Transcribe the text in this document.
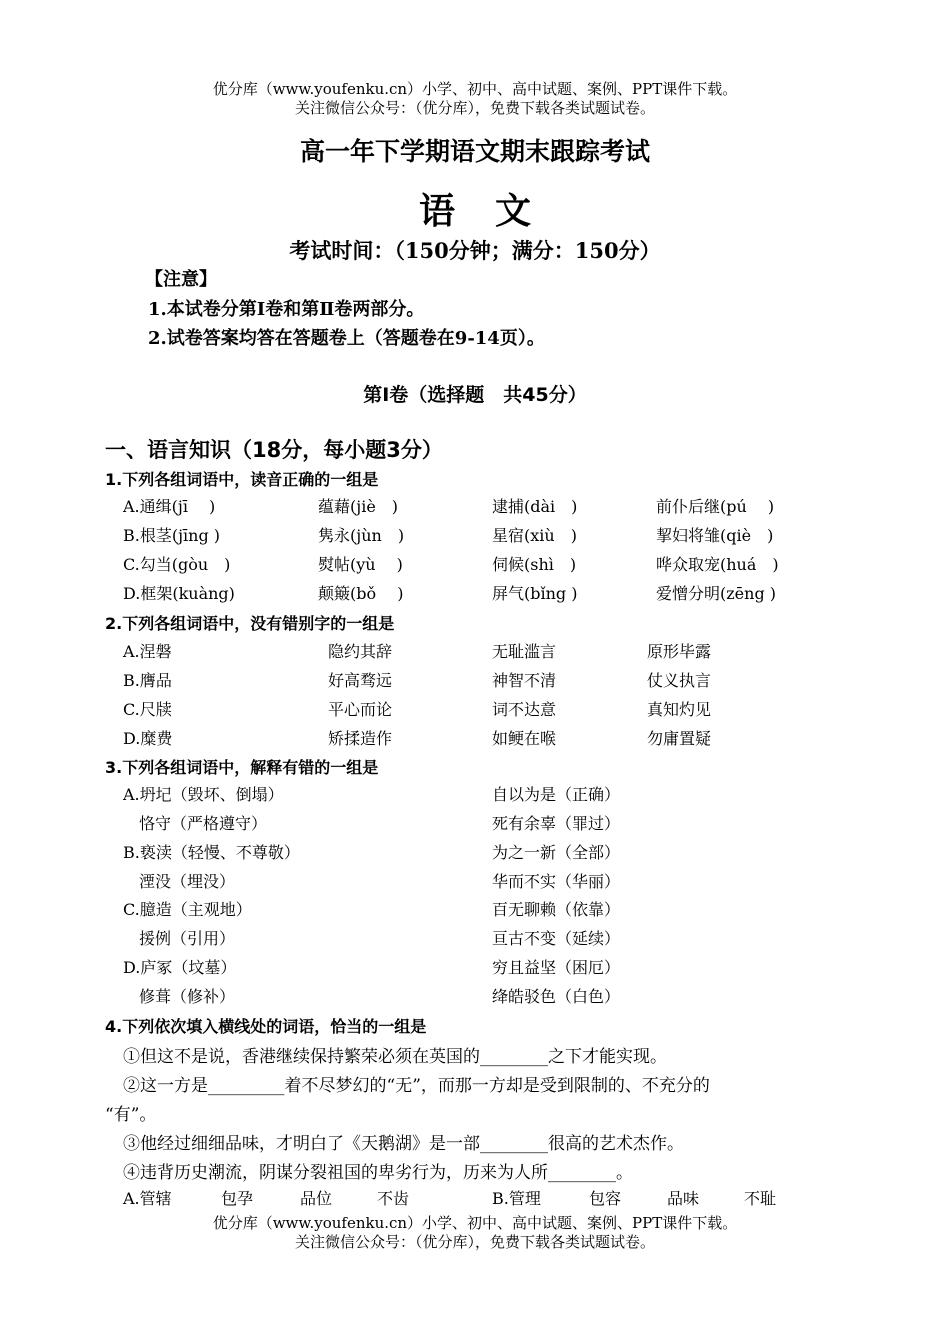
优分库（www.youfenku.cn）小学、初中、高中试题、案例、PPT课件下载。
关注微信公众号：（优分库），免费下载各类试题试卷。
高一年下学期语文期末跟踪考试
语文
考试时间：（150分钟；满分：150分）
【注意】
1.本试卷分第Ⅰ卷和第Ⅱ卷两部分。
2.试卷答案均答在答题卷上（答题卷在9-14页）。
第Ⅰ卷（选择题　共45分）
一、语言知识（18分，每小题3分）
1.下列各组词语中，读音正确的一组是
A.通缉(jī　 )	蕴藉(jiè　)	逮捕(dài　)	前仆后继(pú　 )
B.根茎(jīng )	隽永(jùn　)	星宿(xiù　)	挈妇将雏(qiè　)
C.勾当(gòu　)	熨帖(yù　 )	伺候(shì　)	哗众取宠(huá　)
D.框架(kuàng)	颠簸(bǒ　 )	屏气(bǐng )	爱憎分明(zēng )
2.下列各组词语中，没有错别字的一组是
A.涅磐	隐约其辞	无耻滥言	原形毕露
B.膺品	好高骛远	神智不清	仗义执言
C.尺牍	平心而论	词不达意	真知灼见
D.糜费	矫揉造作	如鲠在喉	勿庸置疑
3.下列各组词语中，解释有错的一组是
A.坍圮（毁坏、倒塌）	自以为是（正确）
　恪守（严格遵守）	死有余辜（罪过）
B.亵渎（轻慢、不尊敬）	为之一新（全部）
　湮没（埋没）	华而不实（华丽）
C.臆造（主观地）	百无聊赖（依靠）
　援例（引用）	亘古不变（延续）
D.庐冢（坟墓）	穷且益坚（困厄）
　修葺（修补）	绛皓驳色（白色）
4.下列依次填入横线处的词语，恰当的一组是
①但这不是说，香港继续保持繁荣必须在英国的________之下才能实现。
②这一方是_________着不尽梦幻的“无”，而那一方却是受到限制的、不充分的
“有”。
③他经过细细品味，才明白了《天鹅湖》是一部________很高的艺术杰作。
④违背历史潮流，阴谋分裂祖国的卑劣行为，历来为人所________。
A.管辖	包孕	品位	不齿	B.管理	包容	品味	不耻
优分库（www.youfenku.cn）小学、初中、高中试题、案例、PPT课件下载。
关注微信公众号：（优分库），免费下载各类试题试卷。
